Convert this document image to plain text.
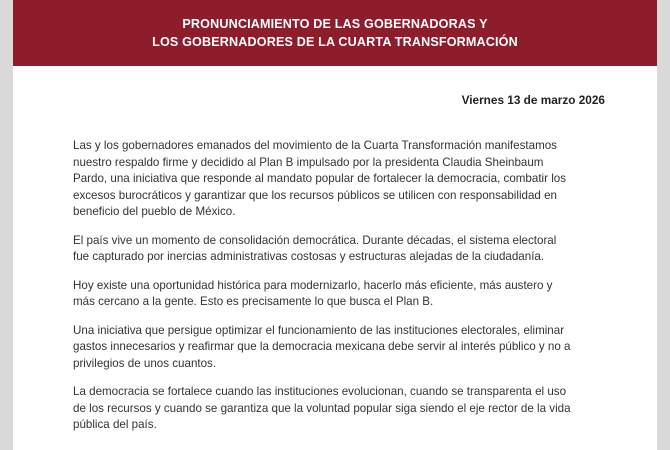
PRONUNCIAMIENTO DE LAS GOBERNADORAS Y
LOS GOBERNADORES DE LA CUARTA TRANSFORMACIÓN
Viernes 13 de marzo 2026

Las y los gobernadores emanados del movimiento de la Cuarta Transformación manifestamos
nuestro respaldo firme y decidido al Plan B impulsado por la presidenta Claudia Sheinbaum
Pardo, una iniciativa que responde al mandato popular de fortalecer la democracia, combatir los
excesos burocráticos y garantizar que los recursos públicos se utilicen con responsabilidad en
beneficio del pueblo de México.

El país vive un momento de consolidación democrática. Durante décadas, el sistema electoral
fue capturado por inercias administrativas costosas y estructuras alejadas de la ciudadanía.

Hoy existe una oportunidad histórica para modernizarlo, hacerlo más eficiente, más austero y
más cercano a la gente. Esto es precisamente lo que busca el Plan B.

Una iniciativa que persigue optimizar el funcionamiento de las instituciones electorales, eliminar
gastos innecesarios y reafirmar que la democracia mexicana debe servir al interés público y no a
privilegios de unos cuantos.

La democracia se fortalece cuando las instituciones evolucionan, cuando se transparenta el uso
de los recursos y cuando se garantiza que la voluntad popular siga siendo el eje rector de la vida
pública del país.
